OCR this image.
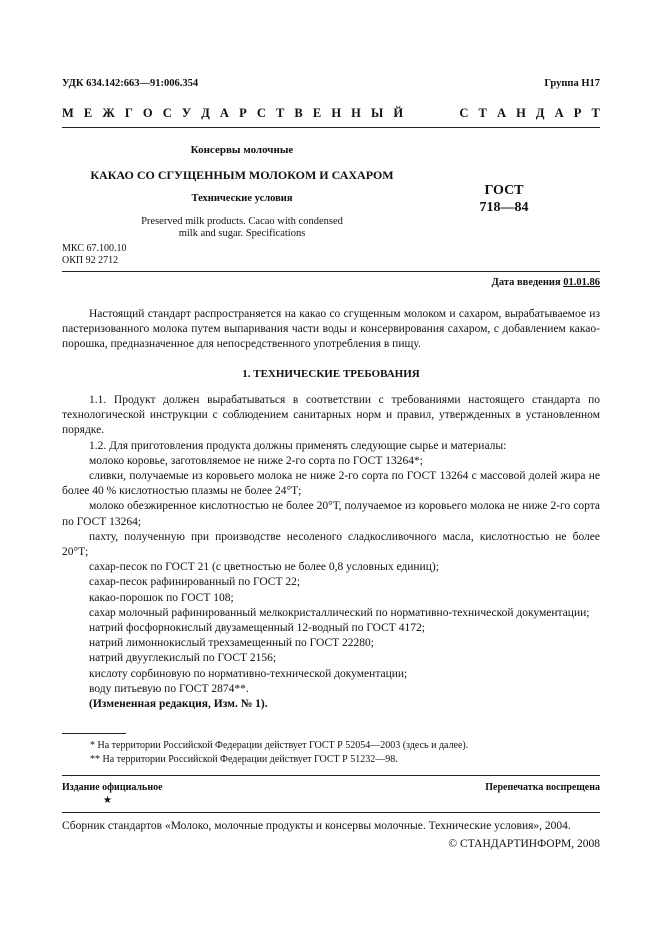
УДК 634.142:663—91:006.354	Группа Н17
М Е Ж Г О С У Д А Р С Т В Е Н Н Ы Й	С Т А Н Д А Р Т
Консервы молочные
КАКАО СО СГУЩЕННЫМ МОЛОКОМ И САХАРОМ
Технические условия
Preserved milk products. Cacao with condensed
milk and sugar. Specifications
ГОСТ
718—84
МКС 67.100.10
ОКП 92 2712
Дата введения 01.01.86

Настоящий стандарт распространяется на какао со сгущенным молоком и сахаром, вырабатываемое из пастеризованного молока путем выпаривания части воды и консервирования сахаром, с добавлением какао-порошка, предназначенное для непосредственного употребления в пищу.

1. ТЕХНИЧЕСКИЕ ТРЕБОВАНИЯ

1.1. Продукт должен вырабатываться в соответствии с требованиями настоящего стандарта по технологической инструкции с соблюдением санитарных норм и правил, утвержденных в установленном порядке.

1.2. Для приготовления продукта должны применять следующие сырье и материалы:

молоко коровье, заготовляемое не ниже 2-го сорта по ГОСТ 13264*;

сливки, получаемые из коровьего молока не ниже 2-го сорта по ГОСТ 13264 с массовой долей жира не более 40 % кислотностью плазмы не более 24°Т;

молоко обезжиренное кислотностью не более 20°Т, получаемое из коровьего молока не ниже 2-го сорта по ГОСТ 13264;

пахту, полученную при производстве несоленого сладкосливочного масла, кислотностью не более 20°Т;

сахар-песок по ГОСТ 21 (с цветностью не более 0,8 условных единиц);

сахар-песок рафинированный по ГОСТ 22;

какао-порошок по ГОСТ 108;

сахар молочный рафинированный мелкокристаллический по нормативно-технической документации;

натрий фосфорнокислый двузамещенный 12-водный по ГОСТ 4172;

натрий лимоннокислый трехзамещенный по ГОСТ 22280;

натрий двууглекислый по ГОСТ 2156;

кислоту сорбиновую по нормативно-технической документации;

воду питьевую по ГОСТ 2874**.

(Измененная редакция, Изм. № 1).

* На территории Российской Федерации действует ГОСТ Р 52054—2003 (здесь и далее).
** На территории Российской Федерации действует ГОСТ Р 51232—98.
Издание официальное
★
Перепечатка воспрещена
Сборник стандартов «Молоко, молочные продукты и консервы молочные. Технические условия», 2004.
© СТАНДАРТИНФОРМ, 2008
